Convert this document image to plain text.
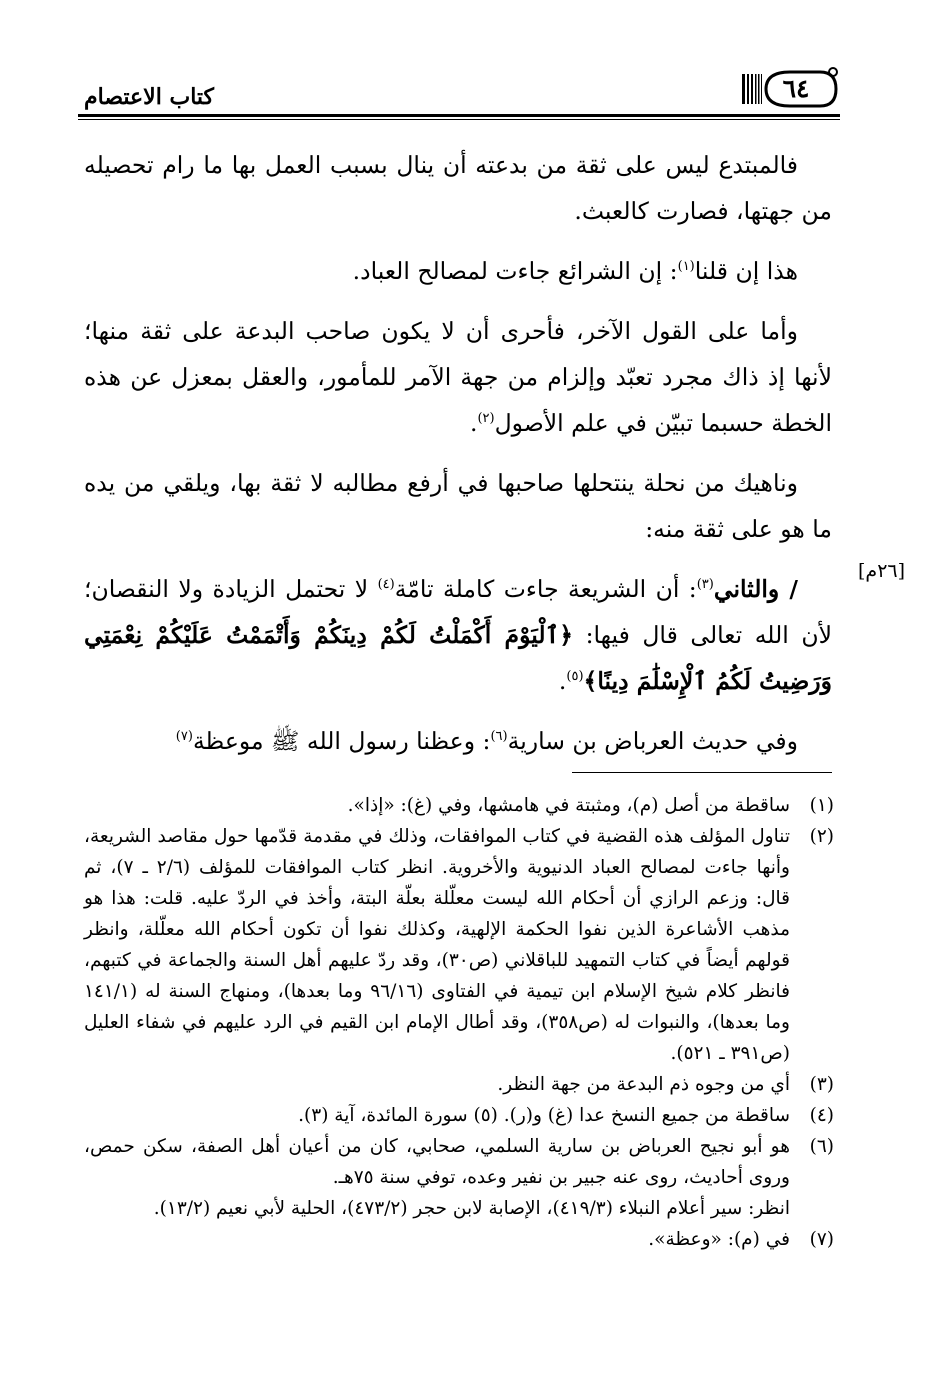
كتاب الاعتصام	٦٤
[٢٦م]

فالمبتدع ليس على ثقة من بدعته أن ينال بسبب العمل بها ما رام تحصيله من جهتها، فصارت كالعبث.

هذا إن قلنا$^{(١)}$: إن الشرائع جاءت لمصالح العباد.

وأما على القول الآخر، فأحرى أن لا يكون صاحب البدعة على ثقة منها؛ لأنها إذ ذاك مجرد تعبّد وإلزام من جهة الآمر للمأمور، والعقل بمعزل عن هذه الخطة حسبما تبيّن في علم الأصول$^{(٢)}$.

وناهيك من نحلة ينتحلها صاحبها في أرفع مطالبه لا ثقة بها، ويلقي من يده ما هو على ثقة منه:

/ والثاني$^{(٣)}$: أن الشريعة جاءت كاملة تامّة$^{(٤)}$ لا تحتمل الزيادة ولا النقصان؛ لأن الله تعالى قال فيها: ﴿ٱلْيَوْمَ أَكْمَلْتُ لَكُمْ دِينَكُمْ وَأَتْمَمْتُ عَلَيْكُمْ نِعْمَتِي وَرَضِيتُ لَكُمُ ٱلْإِسْلَٰمَ دِينًا﴾$^{(٥)}$.

وفي حديث العرباض بن سارية$^{(٦)}$: وعظنا رسول الله ﷺ موعظة$^{(٧)}$

(١)
ساقطة من أصل (م)، ومثبتة في هامشها، وفي (غ): «إذا».
(٢)
تناول المؤلف هذه القضية في كتاب الموافقات، وذلك في مقدمة قدّمها حول مقاصد الشريعة، وأنها جاءت لمصالح العباد الدنيوية والأخروية. انظر كتاب الموافقات للمؤلف (٢/٦ ـ ٧)، ثم قال: وزعم الرازي أن أحكام الله ليست معلّلة بعلّة البتة، وأخذ في الردّ عليه. قلت: هذا هو مذهب الأشاعرة الذين نفوا الحكمة الإلهية، وكذلك نفوا أن تكون أحكام الله معلّلة، وانظر قولهم أيضاً في كتاب التمهيد للباقلاني (ص٣٠)، وقد ردّ عليهم أهل السنة والجماعة في كتبهم، فانظر كلام شيخ الإسلام ابن تيمية في الفتاوى (٩٦/١٦ وما بعدها)، ومنهاج السنة له (١٤١/١ وما بعدها)، والنبوات له (ص٣٥٨)، وقد أطال الإمام ابن القيم في الرد عليهم في شفاء العليل (ص٣٩١ ـ ٥٢١).
(٣)
أي من وجوه ذم البدعة من جهة النظر.
(٤)
ساقطة من جميع النسخ عدا (غ) و(ر). (٥) سورة المائدة، آية (٣).
(٦)
هو أبو نجيح العرباض بن سارية السلمي، صحابي، كان من أعيان أهل الصفة، سكن حمص، وروى أحاديث، روى عنه جبير بن نفير وعده، توفي سنة ٧٥هـ.
انظر: سير أعلام النبلاء (٤١٩/٣)، الإصابة لابن حجر (٤٧٣/٢)، الحلية لأبي نعيم (١٣/٢).
(٧)
في (م): «وعظة».
